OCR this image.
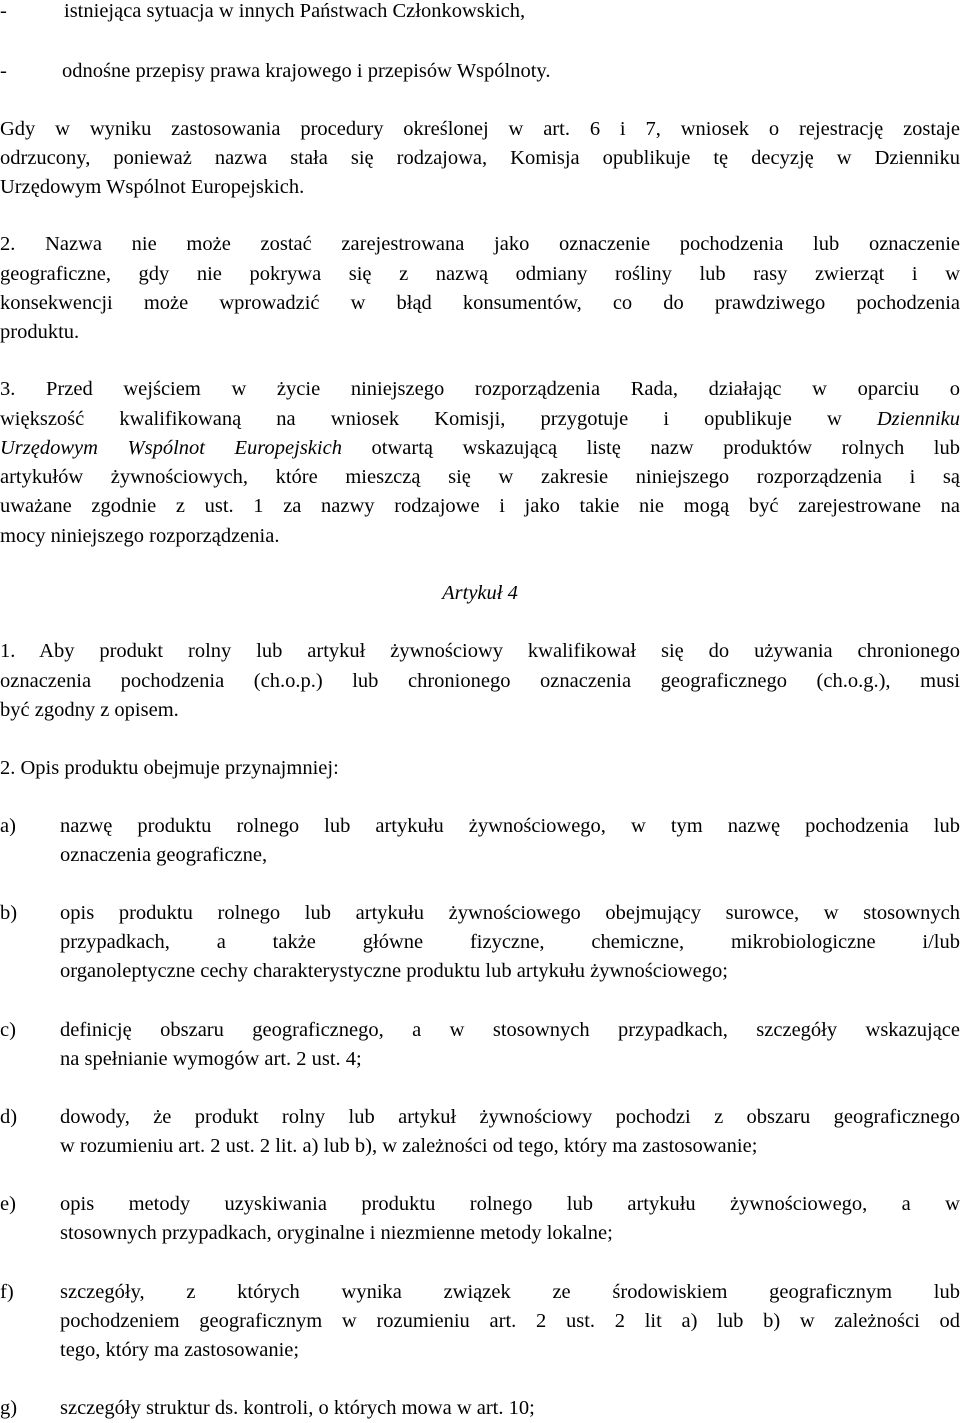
-	istniejąca sytuacja w innych Państwach Członkowskich,
-	odnośne przepisy prawa krajowego i przepisów Wspólnoty.
Gdy w wyniku zastosowania procedury określonej w art. 6 i 7, wniosek o rejestrację zostaje
odrzucony, ponieważ nazwa stała się rodzajowa, Komisja opublikuje tę decyzję w Dzienniku
Urzędowym Wspólnot Europejskich.
2. Nazwa nie może zostać zarejestrowana jako oznaczenie pochodzenia lub oznaczenie
geograficzne, gdy nie pokrywa się z nazwą odmiany rośliny lub rasy zwierząt i w
konsekwencji może wprowadzić w błąd konsumentów, co do prawdziwego pochodzenia
produktu.
3. Przed wejściem w życie niniejszego rozporządzenia Rada, działając w oparciu o
większość kwalifikowaną na wniosek Komisji, przygotuje i opublikuje w Dzienniku
Urzędowym Wspólnot Europejskich otwartą wskazującą listę nazw produktów rolnych lub
artykułów żywnościowych, które mieszczą się w zakresie niniejszego rozporządzenia i są
uważane zgodnie z ust. 1 za nazwy rodzajowe i jako takie nie mogą być zarejestrowane na
mocy niniejszego rozporządzenia.
Artykuł 4
1. Aby produkt rolny lub artykuł żywnościowy kwalifikował się do używania chronionego
oznaczenia pochodzenia (ch.o.p.) lub chronionego oznaczenia geograficznego (ch.o.g.), musi
być zgodny z opisem.
2. Opis produktu obejmuje przynajmniej:
a) nazwę produktu rolnego lub artykułu żywnościowego, w tym nazwę pochodzenia lub
oznaczenia geograficzne,
b) opis produktu rolnego lub artykułu żywnościowego obejmujący surowce, w stosownych
przypadkach, a także główne fizyczne, chemiczne, mikrobiologiczne i/lub
organoleptyczne cechy charakterystyczne produktu lub artykułu żywnościowego;
c) definicję obszaru geograficznego, a w stosownych przypadkach, szczegóły wskazujące
na spełnianie wymogów art. 2 ust. 4;
d) dowody, że produkt rolny lub artykuł żywnościowy pochodzi z obszaru geograficznego
w rozumieniu art. 2 ust. 2 lit. a) lub b), w zależności od tego, który ma zastosowanie;
e) opis metody uzyskiwania produktu rolnego lub artykułu żywnościowego, a w
stosownych przypadkach, oryginalne i niezmienne metody lokalne;
f) szczegóły, z których wynika związek ze środowiskiem geograficznym lub
pochodzeniem geograficznym w rozumieniu art. 2 ust. 2 lit a) lub b) w zależności od
tego, który ma zastosowanie;
g) szczegóły struktur ds. kontroli, o których mowa w art. 10;
